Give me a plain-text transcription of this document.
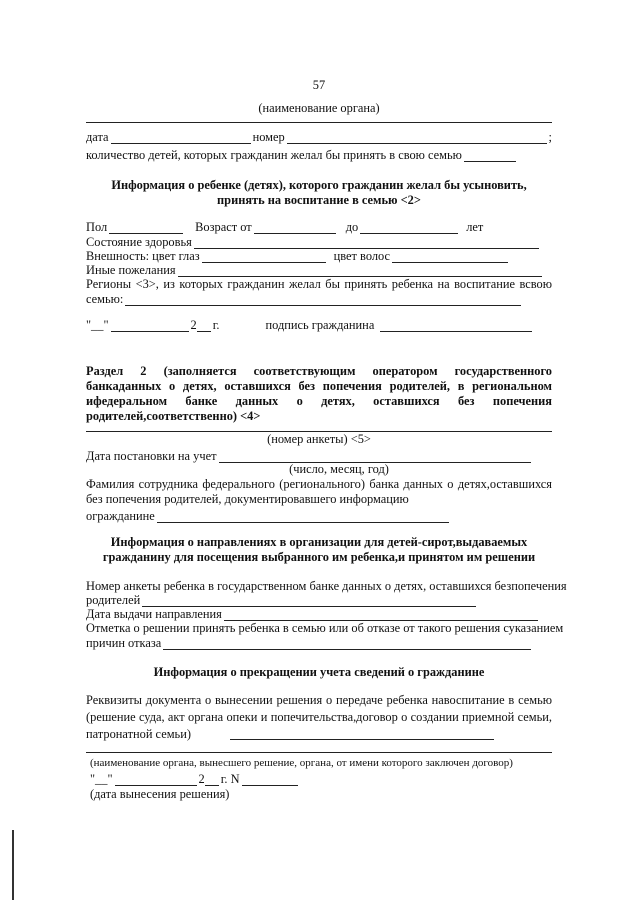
57
(наименование органа)
дата	номер	;
количество детей, которых гражданин желал бы принять в свою семью
Информация о ребенке (детях), которого гражданин желал бы усыновить,
принять на воспитание в семью <2>
Пол	Возраст от	до	лет
Состояние здоровья
Внешность: цвет глаз	цвет волос
Иные пожелания
Регионы <3>, из которых гражданин желал бы принять ребенка на воспитание всвою
семью:
"__"	2 г.	подпись гражданина
Раздел 2 (заполняется соответствующим оператором государственного банкаданных о детях, оставшихся без попечения родителей, в региональном ифедеральном банке данных о детях, оставшихся без попечения родителей,соответственно) <4>
(номер анкеты) <5>
Дата постановки на учет
(число, месяц, год)
Фамилия сотрудника федерального (регионального) банка данных о детях,оставшихся без попечения родителей, документировавшего информацию
огражданине
Информация о направлениях в организации для детей-сирот,выдаваемых
гражданину для посещения выбранного им ребенка,и принятом им решении
Номер анкеты ребенка в государственном банке данных о детях, оставшихся безпопечения
родителей
Дата выдачи направления
Отметка о решении принять ребенка в семью или об отказе от такого решения суказанием
причин отказа
Информация о прекращении учета сведений о гражданине
Реквизиты документа о вынесении решения о передаче ребенка навоспитание в семью (решение суда, акт органа опеки и попечительства,договор о создании приемной семьи, патронатной семьи)
(наименование органа, вынесшего решение, органа, от имени которого заключен договор)
"__"	2 г. N
(дата вынесения решения)
